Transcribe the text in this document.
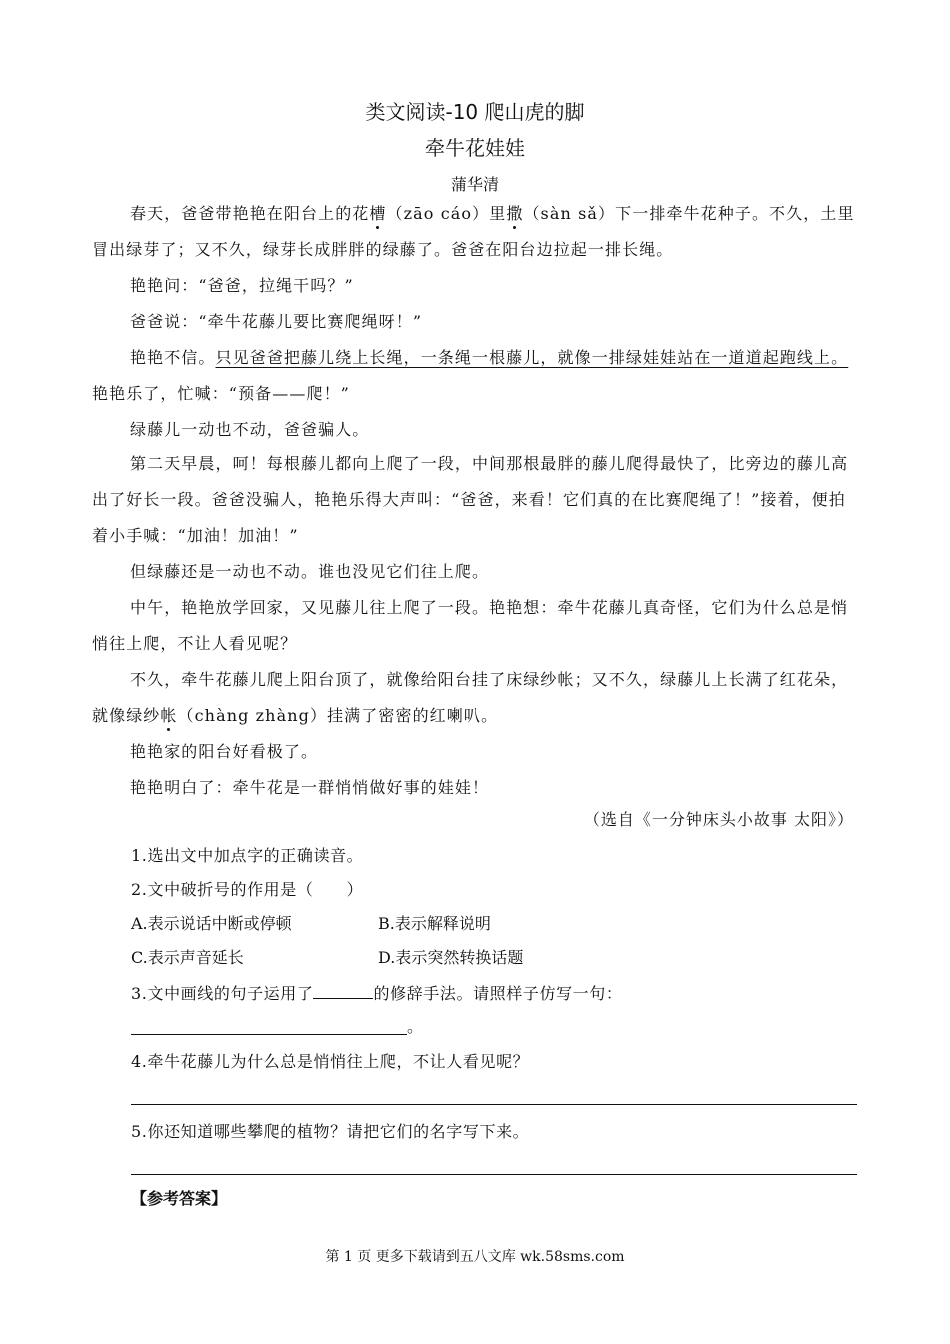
类文阅读-10 爬山虎的脚
牵牛花娃娃
蒲华清

春天，爸爸带艳艳在阳台上的花槽（zāo cáo）里撒（sàn sǎ）下一排牵牛花种子。不久，土里冒出绿芽了；又不久，绿芽长成胖胖的绿藤了。爸爸在阳台边拉起一排长绳。

艳艳问：“爸爸，拉绳干吗？”

爸爸说：“牵牛花藤儿要比赛爬绳呀！”

艳艳不信。只见爸爸把藤儿绕上长绳，一条绳一根藤儿，就像一排绿娃娃站在一道道起跑线上。艳艳乐了，忙喊：“预备——爬！”

绿藤儿一动也不动，爸爸骗人。

第二天早晨，呵！每根藤儿都向上爬了一段，中间那根最胖的藤儿爬得最快了，比旁边的藤儿高出了好长一段。爸爸没骗人，艳艳乐得大声叫：“爸爸，来看！它们真的在比赛爬绳了！”接着，便拍着小手喊：“加油！加油！”

但绿藤还是一动也不动。谁也没见它们往上爬。

中午，艳艳放学回家，又见藤儿往上爬了一段。艳艳想：牵牛花藤儿真奇怪，它们为什么总是悄悄往上爬，不让人看见呢？

不久，牵牛花藤儿爬上阳台顶了，就像给阳台挂了床绿纱帐；又不久，绿藤儿上长满了红花朵，就像绿纱帐（chàng zhàng）挂满了密密的红喇叭。

艳艳家的阳台好看极了。

艳艳明白了：牵牛花是一群悄悄做好事的娃娃！

（选自《一分钟床头小故事 太阳》）
1.选出文中加点字的正确读音。
2.文中破折号的作用是（　　）
A.表示说话中断或停顿	B.表示解释说明
C.表示声音延长	D.表示突然转换话题
3.文中画线的句子运用了	的修辞手法。请照样子仿写一句：
。
4.牵牛花藤儿为什么总是悄悄往上爬，不让人看见呢？
5.你还知道哪些攀爬的植物？请把它们的名字写下来。
【参考答案】
第 1 页 更多下载请到五八文库 wk.58sms.com
